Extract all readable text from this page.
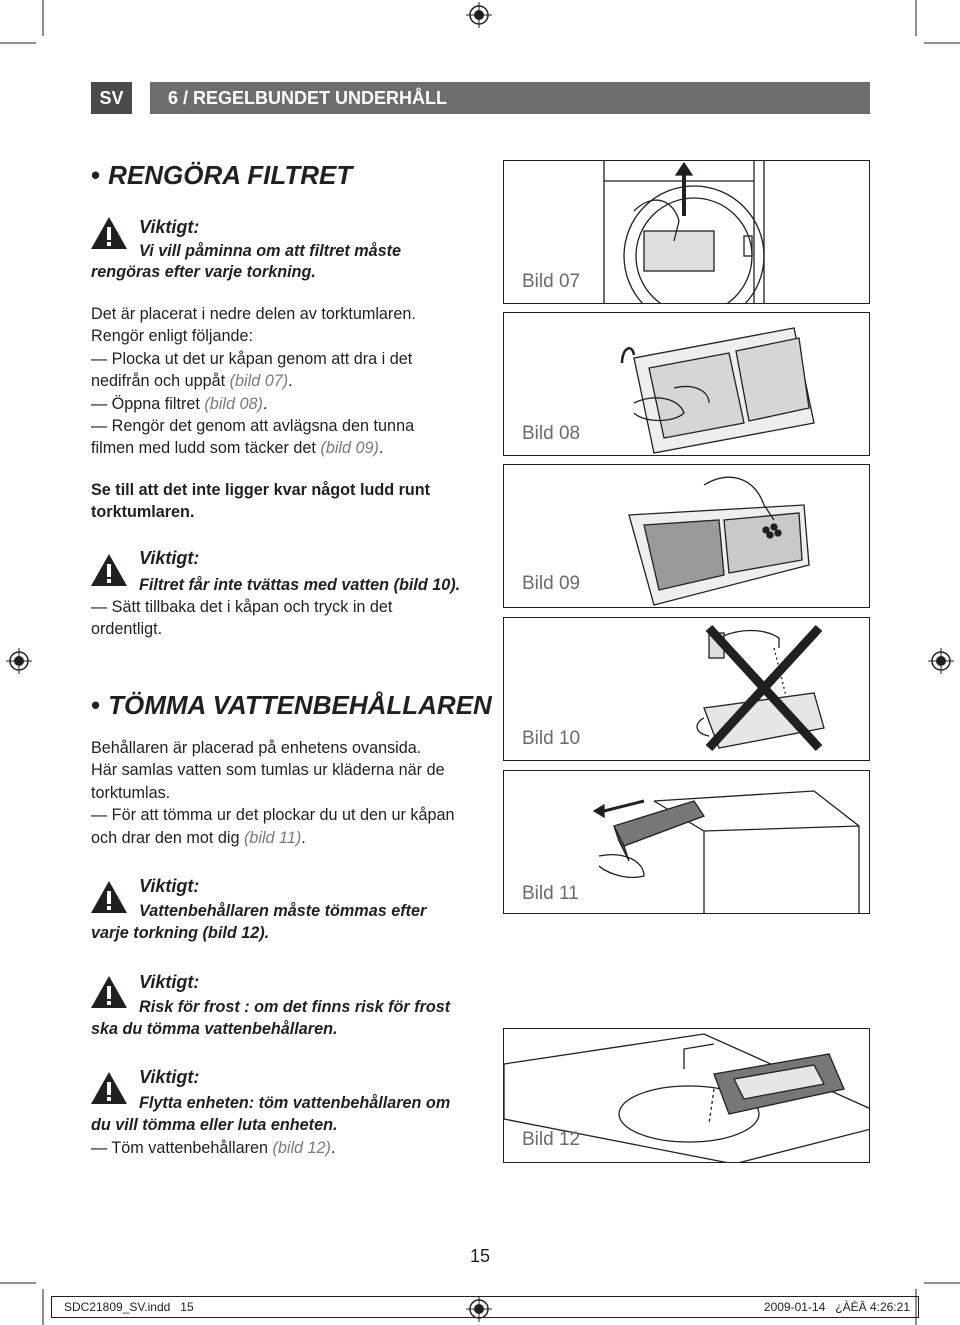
SV	6 / REGELBUNDET UNDERHÅLL
• RENGÖRA FILTRET
Viktigt:
Vi vill påminna om att filtret måste
rengöras efter varje torkning.

Det är placerat i nedre delen av torktumlaren.

Rengör enligt följande:

— Plocka ut det ur kåpan genom att dra i det

nedifrån och uppåt (bild 07).

— Öppna filtret (bild 08).

— Rengör det genom att avlägsna den tunna

filmen med ludd som täcker det (bild 09).

Se till att det inte ligger kvar något ludd runt

torktumlaren.

Viktigt:
Filtret får inte tvättas med vatten (bild 10).

— Sätt tillbaka det i kåpan och tryck in det

ordentligt.

• TÖMMA VATTENBEHÅLLAREN

Behållaren är placerad på enhetens ovansida.

Här samlas vatten som tumlas ur kläderna när de

torktumlas.

— För att tömma ur det plockar du ut den ur kåpan

och drar den mot dig (bild 11).

Viktigt:
Vattenbehållaren måste tömmas efter
varje torkning (bild 12).
Viktigt:
Risk för frost : om det finns risk för frost
ska du tömma vattenbehållaren.
Viktigt:
Flytta enheten: töm vattenbehållaren om
du vill tömma eller luta enheten.

— Töm vattenbehållaren (bild 12).

Bild 07
Bild 08
Bild 09
Bild 10
Bild 11
Bild 12
15
SDC21809_SV.indd   15	2009-01-14   ¿ÀÈÄ 4:26:21
